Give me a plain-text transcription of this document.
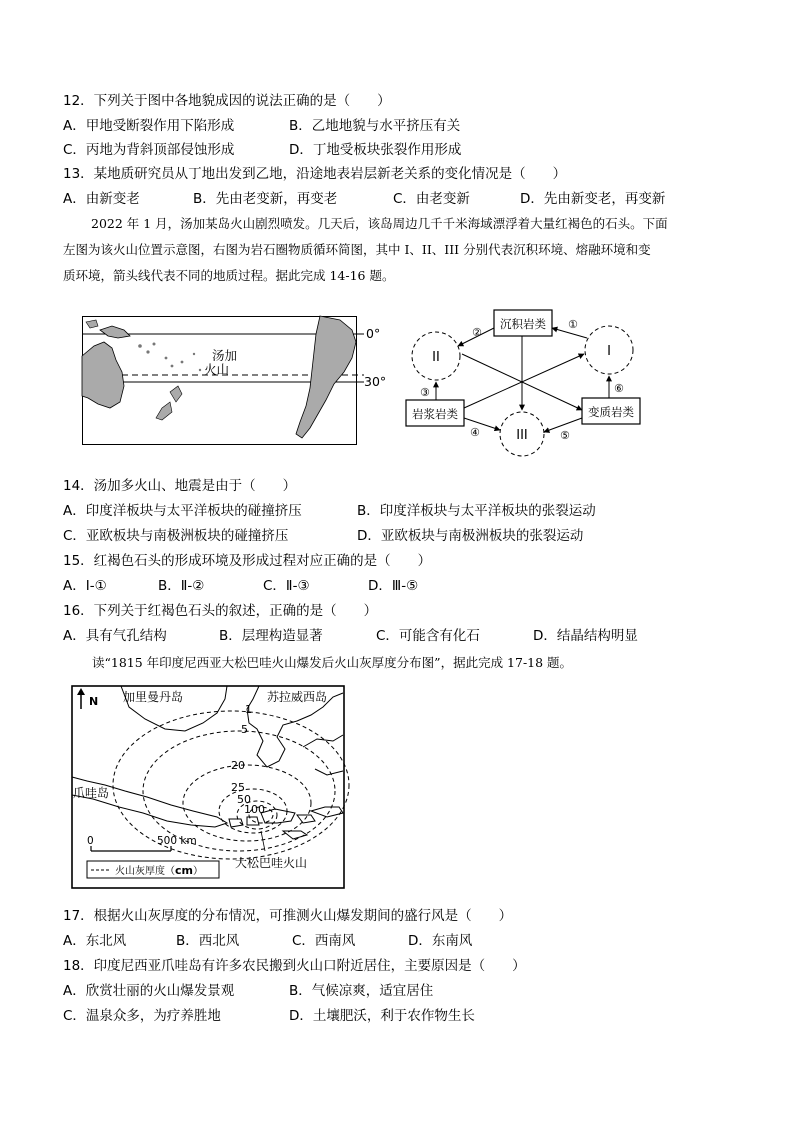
12．下列关于图中各地貌成因的说法正确的是（　　）
A．甲地受断裂作用下陷形成	B．乙地地貌与水平挤压有关
C．丙地为背斜顶部侵蚀形成	D．丁地受板块张裂作用形成
13．某地质研究员从丁地出发到乙地，沿途地表岩层新老关系的变化情况是（　　）
A．由新变老	B．先由老变新，再变老	C．由老变新	D．先由新变老，再变新
2022 年 1 月，汤加某岛火山剧烈喷发。几天后，该岛周边几千千米海域漂浮着大量红褐色的石头。下面
左图为该火山位置示意图，右图为岩石圈物质循环简图，其中 I、II、III 分别代表沉积环境、熔融环境和变
质环境，箭头线代表不同的地质过程。据此完成 14-16 题。
汤加
火山
0°
30°
沉积岩类
岩浆岩类	变质岩类
II	I
III
②
①
③
④	⑤
⑥
14．汤加多火山、地震是由于（　　）
A．印度洋板块与太平洋板块的碰撞挤压	B．印度洋板块与太平洋板块的张裂运动
C．亚欧板块与南极洲板块的碰撞挤压	D．亚欧板块与南极洲板块的张裂运动
15．红褐色石头的形成环境及形成过程对应正确的是（　　）
A．I-①	B．Ⅱ-②	C．Ⅱ-③	D．Ⅲ-⑤
16．下列关于红褐色石头的叙述，正确的是（　　）
A．具有气孔结构	B．层理构造显著	C．可能含有化石	D．结晶结构明显
读“1815 年印度尼西亚大松巴哇火山爆发后火山灰厚度分布图”，据此完成 17-18 题。
N
1
5
20
25
50
100
加里曼丹岛	苏拉威西岛
爪哇岛
大松巴哇火山
0	500 km
火山灰厚度（cm）
17．根据火山灰厚度的分布情况，可推测火山爆发期间的盛行风是（　　）
A．东北风	B．西北风	C．西南风	D．东南风
18．印度尼西亚爪哇岛有许多农民搬到火山口附近居住，主要原因是（　　）
A．欣赏壮丽的火山爆发景观	B．气候凉爽，适宜居住
C．温泉众多，为疗养胜地	D．土壤肥沃，利于农作物生长
